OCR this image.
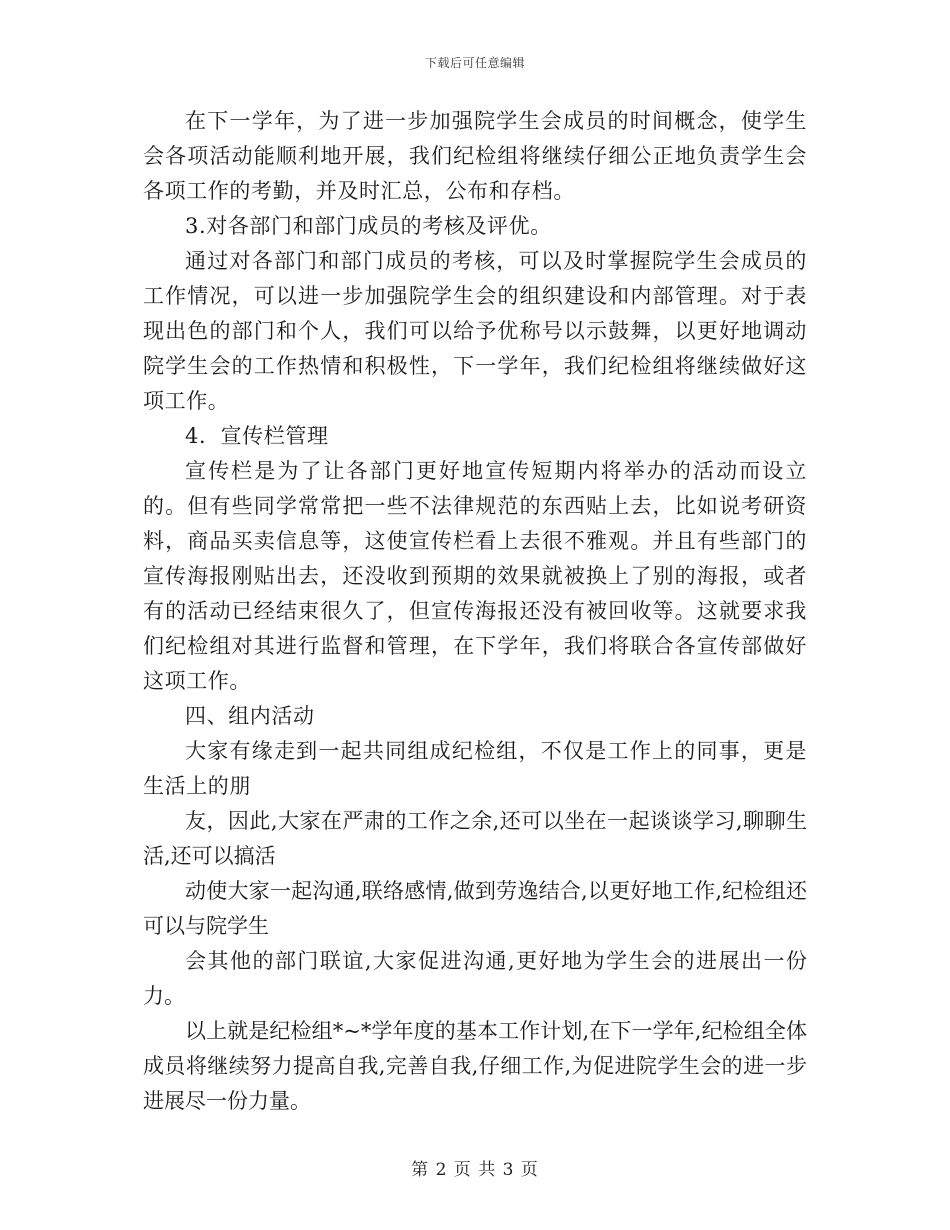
下载后可任意编辑

在下一学年，为了进一步加强院学生会成员的时间概念，使学生会各项活动能顺利地开展，我们纪检组将继续仔细公正地负责学生会各项工作的考勤，并及时汇总，公布和存档。

3.对各部门和部门成员的考核及评优。

通过对各部门和部门成员的考核，可以及时掌握院学生会成员的工作情况，可以进一步加强院学生会的组织建设和内部管理。对于表现出色的部门和个人，我们可以给予优称号以示鼓舞，以更好地调动院学生会的工作热情和积极性，下一学年，我们纪检组将继续做好这项工作。

4．宣传栏管理

宣传栏是为了让各部门更好地宣传短期内将举办的活动而设立的。但有些同学常常把一些不法律规范的东西贴上去，比如说考研资料，商品买卖信息等，这使宣传栏看上去很不雅观。并且有些部门的宣传海报刚贴出去，还没收到预期的效果就被换上了别的海报，或者有的活动已经结束很久了，但宣传海报还没有被回收等。这就要求我们纪检组对其进行监督和管理，在下学年，我们将联合各宣传部做好这项工作。

四、组内活动

大家有缘走到一起共同组成纪检组，不仅是工作上的同事，更是生活上的朋

友，因此,大家在严肃的工作之余,还可以坐在一起谈谈学习,聊聊生活,还可以搞活

动使大家一起沟通,联络感情,做到劳逸结合,以更好地工作,纪检组还可以与院学生

会其他的部门联谊,大家促进沟通,更好地为学生会的进展出一份力。

以上就是纪检组*~*学年度的基本工作计划,在下一学年,纪检组全体成员将继续努力提高自我,完善自我,仔细工作,为促进院学生会的进一步进展尽一份力量。

第 2 页 共 3 页
